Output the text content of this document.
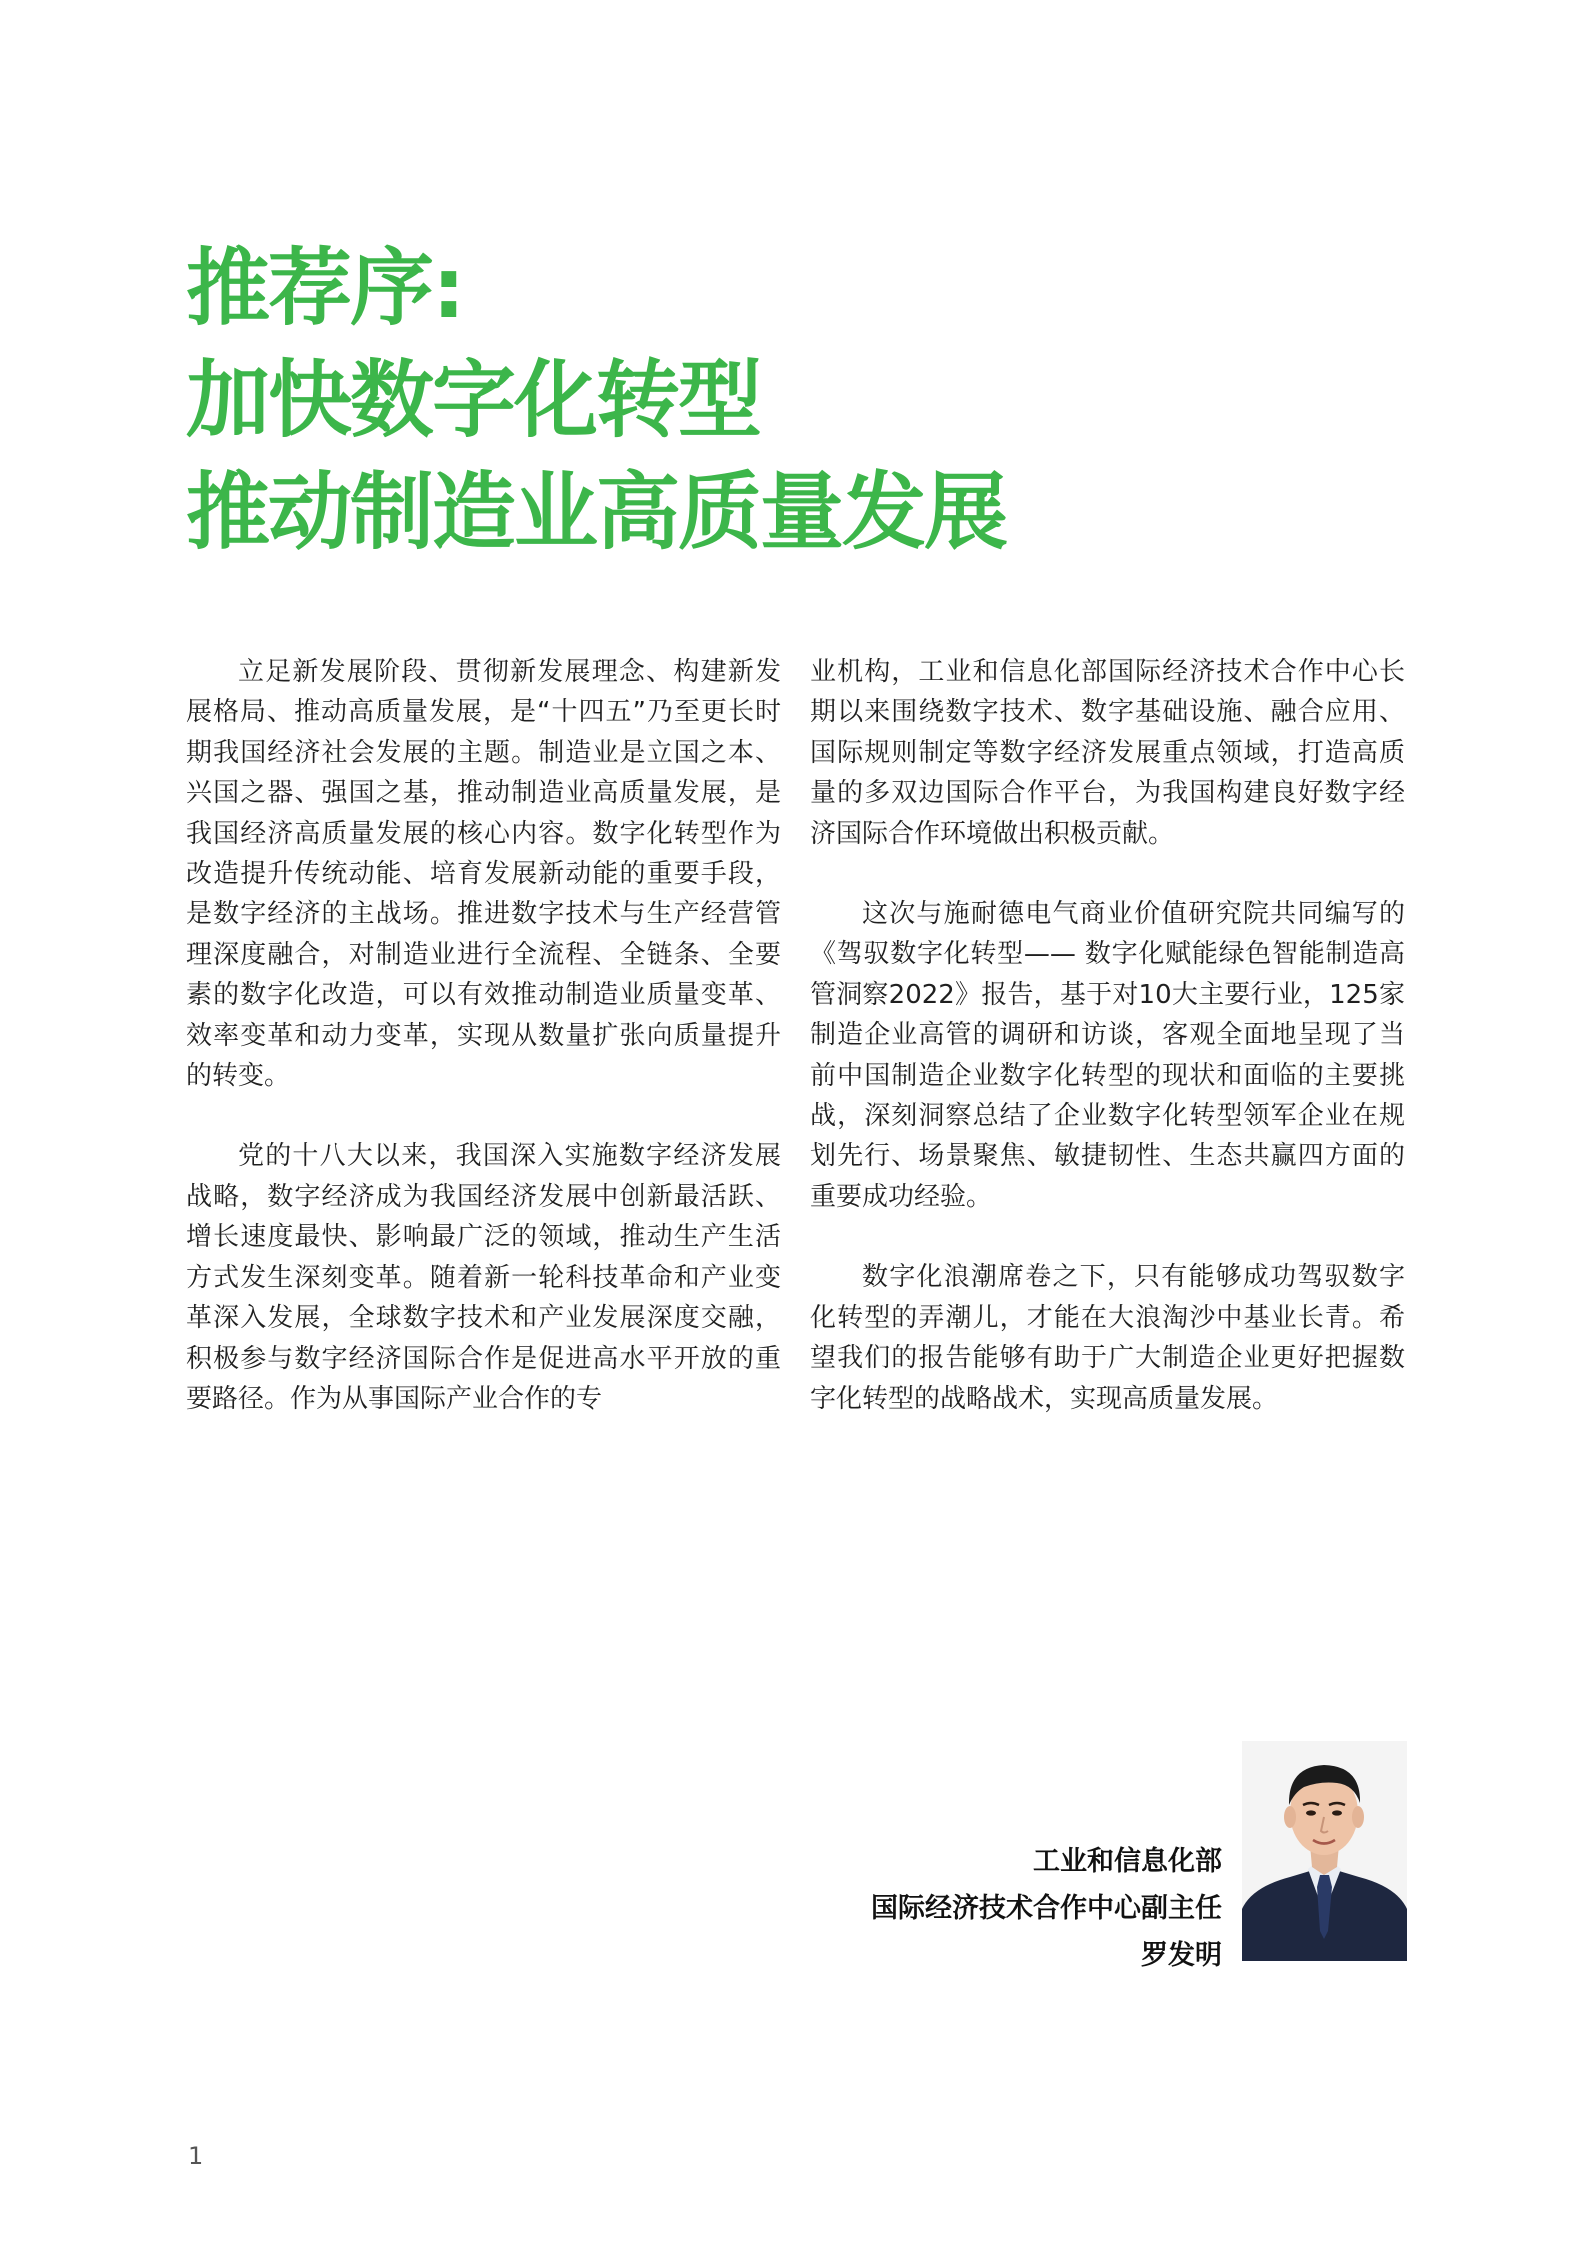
推荐序:
加快数字化转型
推动制造业高质量发展

立足新发展阶段、贯彻新发展理念、构建新发展格局、推动高质量发展，是“十四五”乃至更长时期我国经济社会发展的主题。制造业是立国之本、兴国之器、强国之基，推动制造业高质量发展，是我国经济高质量发展的核心内容。数字化转型作为改造提升传统动能、培育发展新动能的重要手段，是数字经济的主战场。推进数字技术与生产经营管理深度融合，对制造业进行全流程、全链条、全要素的数字化改造，可以有效推动制造业质量变革、效率变革和动力变革，实现从数量扩张向质量提升的转变。

党的十八大以来，我国深入实施数字经济发展战略，数字经济成为我国经济发展中创新最活跃、增长速度最快、影响最广泛的领域，推动生产生活方式发生深刻变革。随着新一轮科技革命和产业变革深入发展，全球数字技术和产业发展深度交融，积极参与数字经济国际合作是促进高水平开放的重要路径。作为从事国际产业合作的专

业机构，工业和信息化部国际经济技术合作中心长期以来围绕数字技术、数字基础设施、融合应用、国际规则制定等数字经济发展重点领域，打造高质量的多双边国际合作平台，为我国构建良好数字经济国际合作环境做出积极贡献。

这次与施耐德电气商业价值研究院共同编写的《驾驭数字化转型—— 数字化赋能绿色智能制造高管洞察2022》报告，基于对10大主要行业，125家制造企业高管的调研和访谈，客观全面地呈现了当前中国制造企业数字化转型的现状和面临的主要挑战，深刻洞察总结了企业数字化转型领军企业在规划先行、场景聚焦、敏捷韧性、生态共赢四方面的重要成功经验。

数字化浪潮席卷之下，只有能够成功驾驭数字化转型的弄潮儿，才能在大浪淘沙中基业长青。希望我们的报告能够有助于广大制造企业更好把握数字化转型的战略战术，实现高质量发展。

工业和信息化部
国际经济技术合作中心副主任
罗发明
1
